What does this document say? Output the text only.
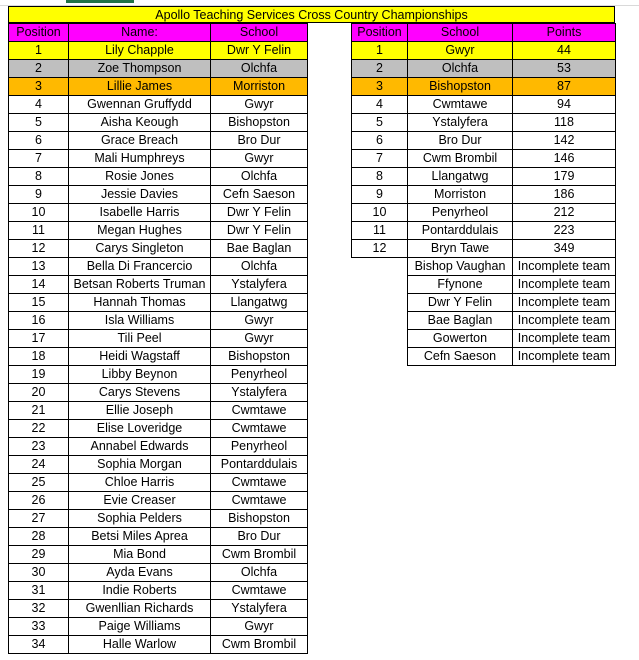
Apollo Teaching Services Cross Country Championships
Position	Name:	School
1	Lily Chapple	Dwr Y Felin
2	Zoe Thompson	Olchfa
3	Lillie James	Morriston
4	Gwennan Gruffydd	Gwyr
5	Aisha Keough	Bishopston
6	Grace Breach	Bro Dur
7	Mali Humphreys	Gwyr
8	Rosie Jones	Olchfa
9	Jessie Davies	Cefn Saeson
10	Isabelle Harris	Dwr Y Felin
11	Megan Hughes	Dwr Y Felin
12	Carys Singleton	Bae Baglan
13	Bella Di Francercio	Olchfa
14	Betsan Roberts Truman	Ystalyfera
15	Hannah Thomas	Llangatwg
16	Isla Williams	Gwyr
17	Tili Peel	Gwyr
18	Heidi Wagstaff	Bishopston
19	Libby Beynon	Penyrheol
20	Carys Stevens	Ystalyfera
21	Ellie Joseph	Cwmtawe
22	Elise Loveridge	Cwmtawe
23	Annabel Edwards	Penyrheol
24	Sophia Morgan	Pontarddulais
25	Chloe Harris	Cwmtawe
26	Evie Creaser	Cwmtawe
27	Sophia Pelders	Bishopston
28	Betsi Miles Aprea	Bro Dur
29	Mia Bond	Cwm Brombil
30	Ayda Evans	Olchfa
31	Indie Roberts	Cwmtawe
32	Gwenllian Richards	Ystalyfera
33	Paige Williams	Gwyr
34	Halle Warlow	Cwm Brombil
Position	School	Points
1	Gwyr	44
2	Olchfa	53
3	Bishopston	87
4	Cwmtawe	94
5	Ystalyfera	118
6	Bro Dur	142
7	Cwm Brombil	146
8	Llangatwg	179
9	Morriston	186
10	Penyrheol	212
11	Pontarddulais	223
12	Bryn Tawe	349
	Bishop Vaughan	Incomplete team
	Ffynone	Incomplete team
	Dwr Y Felin	Incomplete team
	Bae Baglan	Incomplete team
	Gowerton	Incomplete team
	Cefn Saeson	Incomplete team
